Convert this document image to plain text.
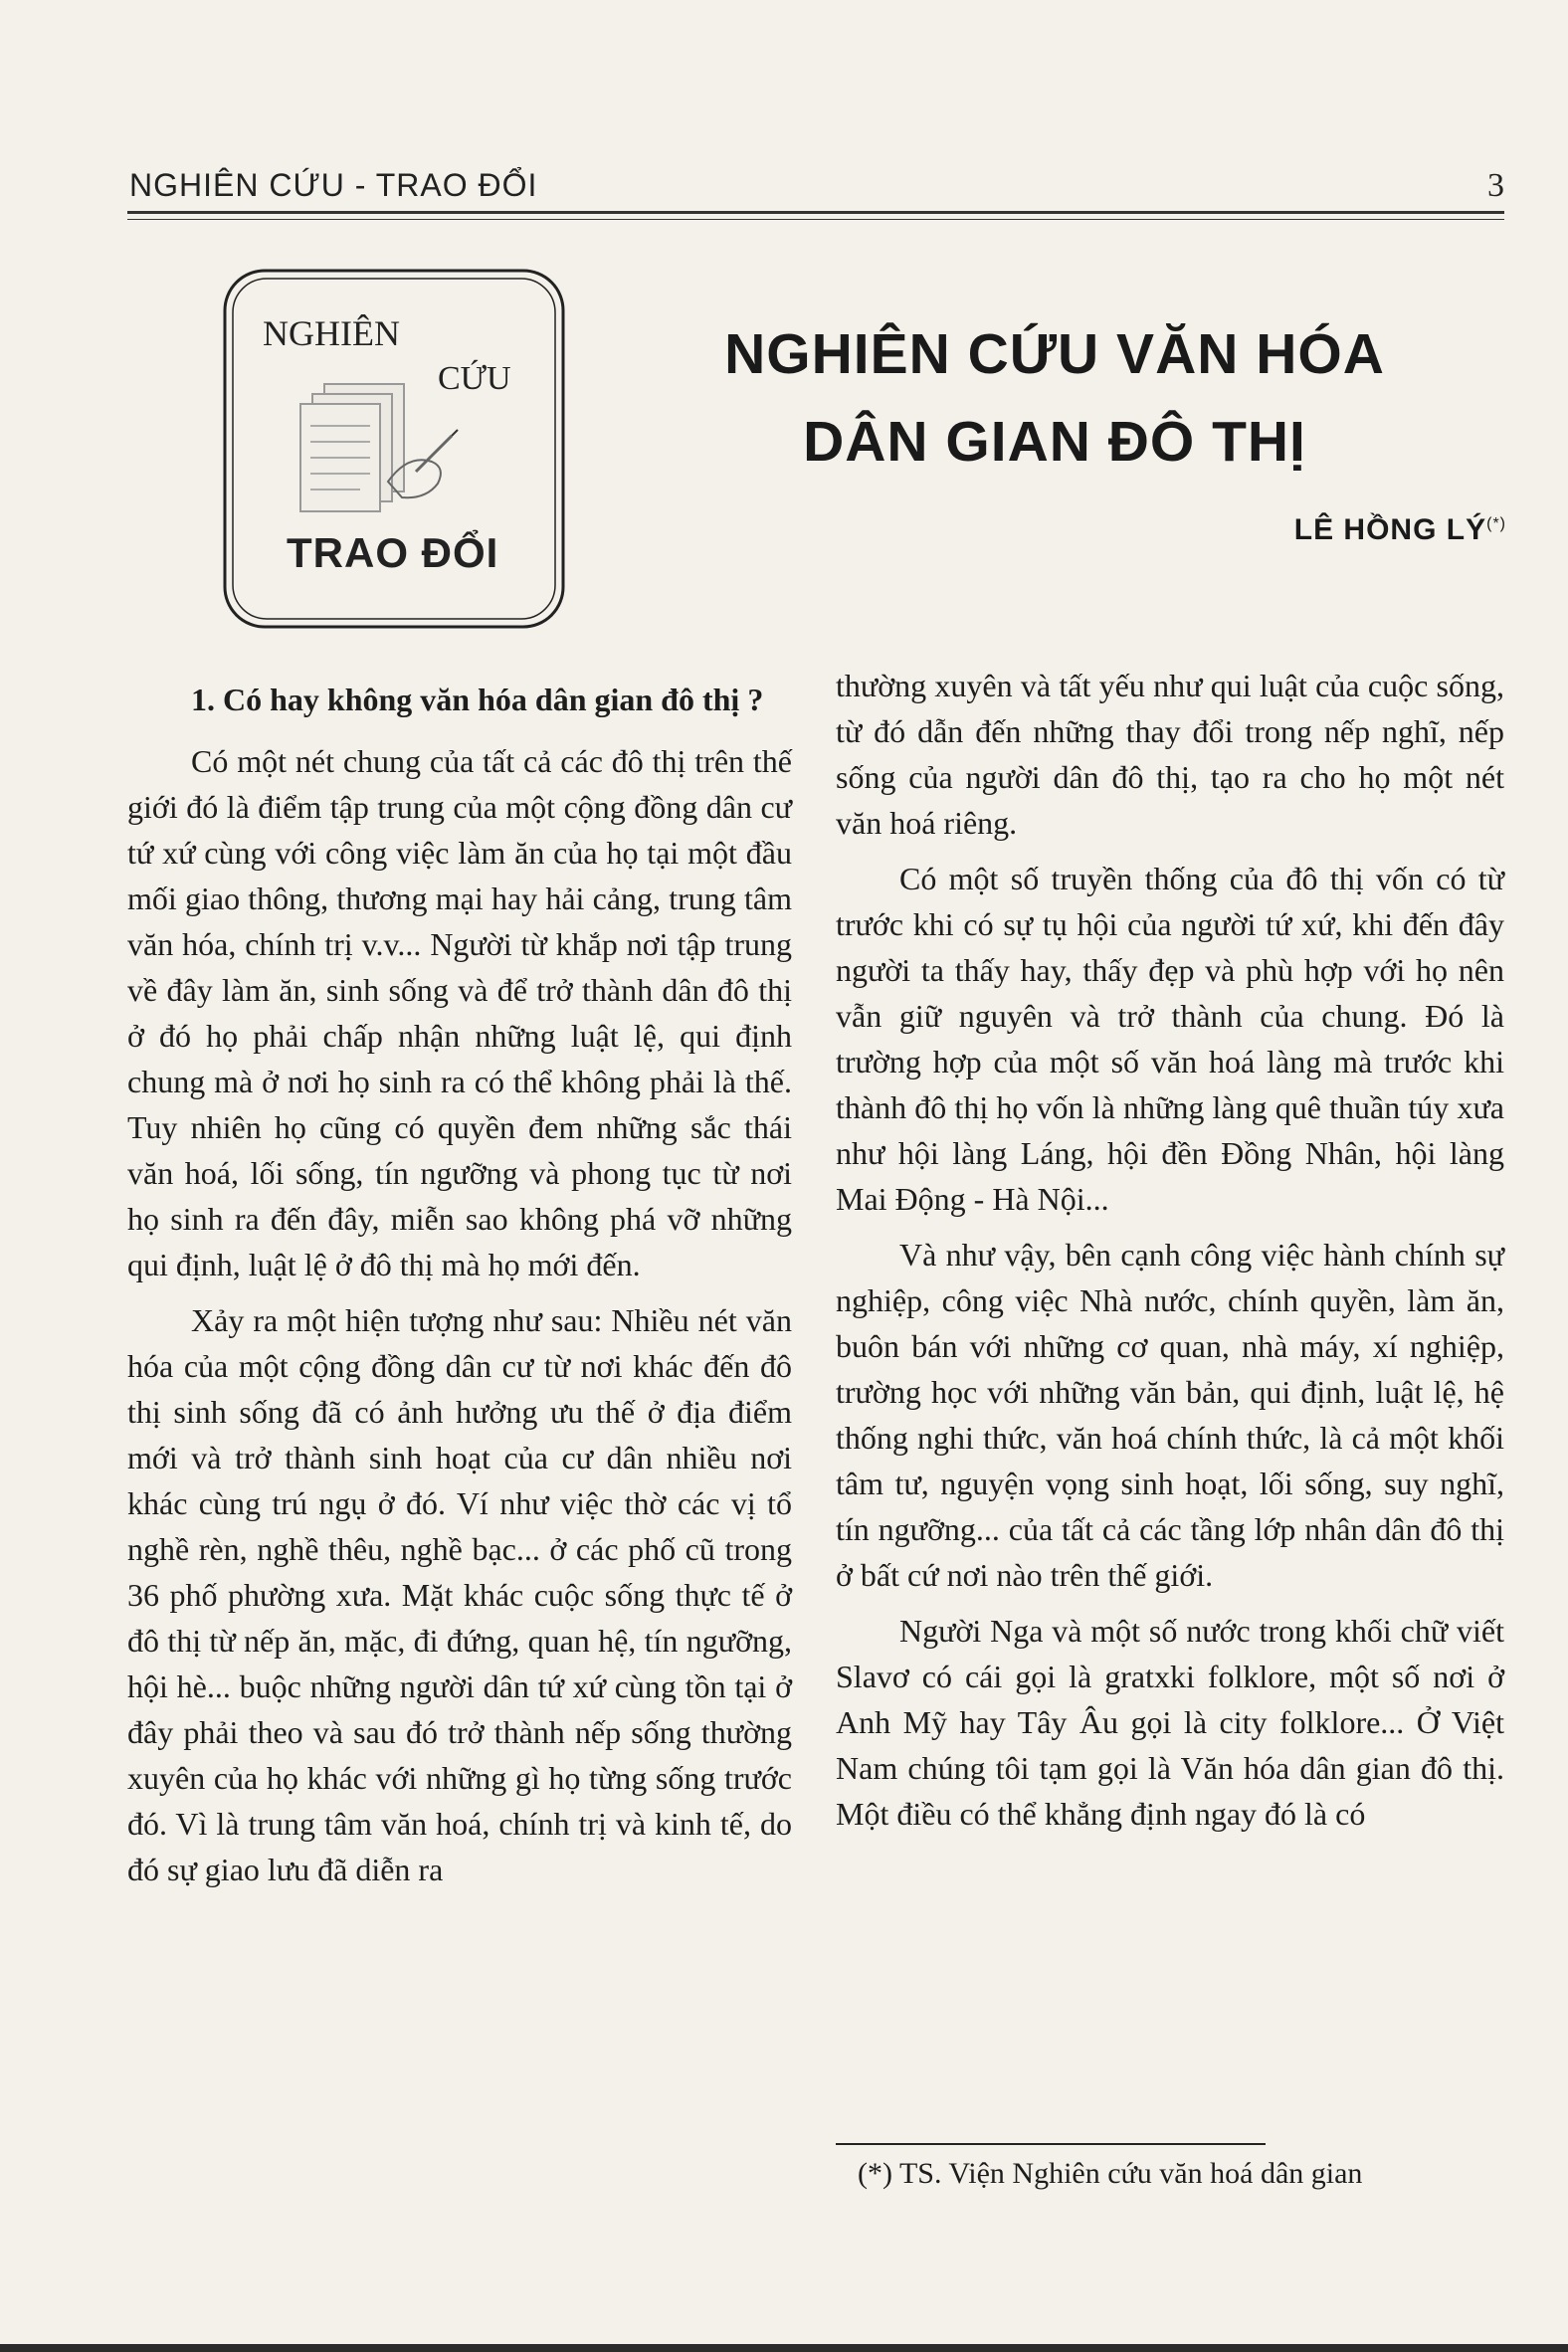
NGHIÊN CỨU - TRAO ĐỔI	3
NGHIÊN
CỨU
TRAO ĐỔI
NGHIÊN CỨU VĂN HÓA
DÂN GIAN ĐÔ THỊ
LÊ HỒNG LÝ(*)

1. Có hay không văn hóa dân gian đô thị ?

Có một nét chung của tất cả các đô thị trên thế giới đó là điểm tập trung của một cộng đồng dân cư tứ xứ cùng với công việc làm ăn của họ tại một đầu mối giao thông, thương mại hay hải cảng, trung tâm văn hóa, chính trị v.v... Người từ khắp nơi tập trung về đây làm ăn, sinh sống và để trở thành dân đô thị ở đó họ phải chấp nhận những luật lệ, qui định chung mà ở nơi họ sinh ra có thể không phải là thế. Tuy nhiên họ cũng có quyền đem những sắc thái văn hoá, lối sống, tín ngưỡng và phong tục từ nơi họ sinh ra đến đây, miễn sao không phá vỡ những qui định, luật lệ ở đô thị mà họ mới đến.

Xảy ra một hiện tượng như sau: Nhiều nét văn hóa của một cộng đồng dân cư từ nơi khác đến đô thị sinh sống đã có ảnh hưởng ưu thế ở địa điểm mới và trở thành sinh hoạt của cư dân nhiều nơi khác cùng trú ngụ ở đó. Ví như việc thờ các vị tổ nghề rèn, nghề thêu, nghề bạc... ở các phố cũ trong 36 phố phường xưa. Mặt khác cuộc sống thực tế ở đô thị từ nếp ăn, mặc, đi đứng, quan hệ, tín ngưỡng, hội hè... buộc những người dân tứ xứ cùng tồn tại ở đây phải theo và sau đó trở thành nếp sống thường xuyên của họ khác với những gì họ từng sống trước đó. Vì là trung tâm văn hoá, chính trị và kinh tế, do đó sự giao lưu đã diễn ra

thường xuyên và tất yếu như qui luật của cuộc sống, từ đó dẫn đến những thay đổi trong nếp nghĩ, nếp sống của người dân đô thị, tạo ra cho họ một nét văn hoá riêng.

Có một số truyền thống của đô thị vốn có từ trước khi có sự tụ hội của người tứ xứ, khi đến đây người ta thấy hay, thấy đẹp và phù hợp với họ nên vẫn giữ nguyên và trở thành của chung. Đó là trường hợp của một số văn hoá làng mà trước khi thành đô thị họ vốn là những làng quê thuần túy xưa như hội làng Láng, hội đền Đồng Nhân, hội làng Mai Động - Hà Nội...

Và như vậy, bên cạnh công việc hành chính sự nghiệp, công việc Nhà nước, chính quyền, làm ăn, buôn bán với những cơ quan, nhà máy, xí nghiệp, trường học với những văn bản, qui định, luật lệ, hệ thống nghi thức, văn hoá chính thức, là cả một khối tâm tư, nguyện vọng sinh hoạt, lối sống, suy nghĩ, tín ngưỡng... của tất cả các tầng lớp nhân dân đô thị ở bất cứ nơi nào trên thế giới.

Người Nga và một số nước trong khối chữ viết Slavơ có cái gọi là gratxki folklore, một số nơi ở Anh Mỹ hay Tây Âu gọi là city folklore... Ở Việt Nam chúng tôi tạm gọi là Văn hóa dân gian đô thị. Một điều có thể khẳng định ngay đó là có

(*) TS. Viện Nghiên cứu văn hoá dân gian
